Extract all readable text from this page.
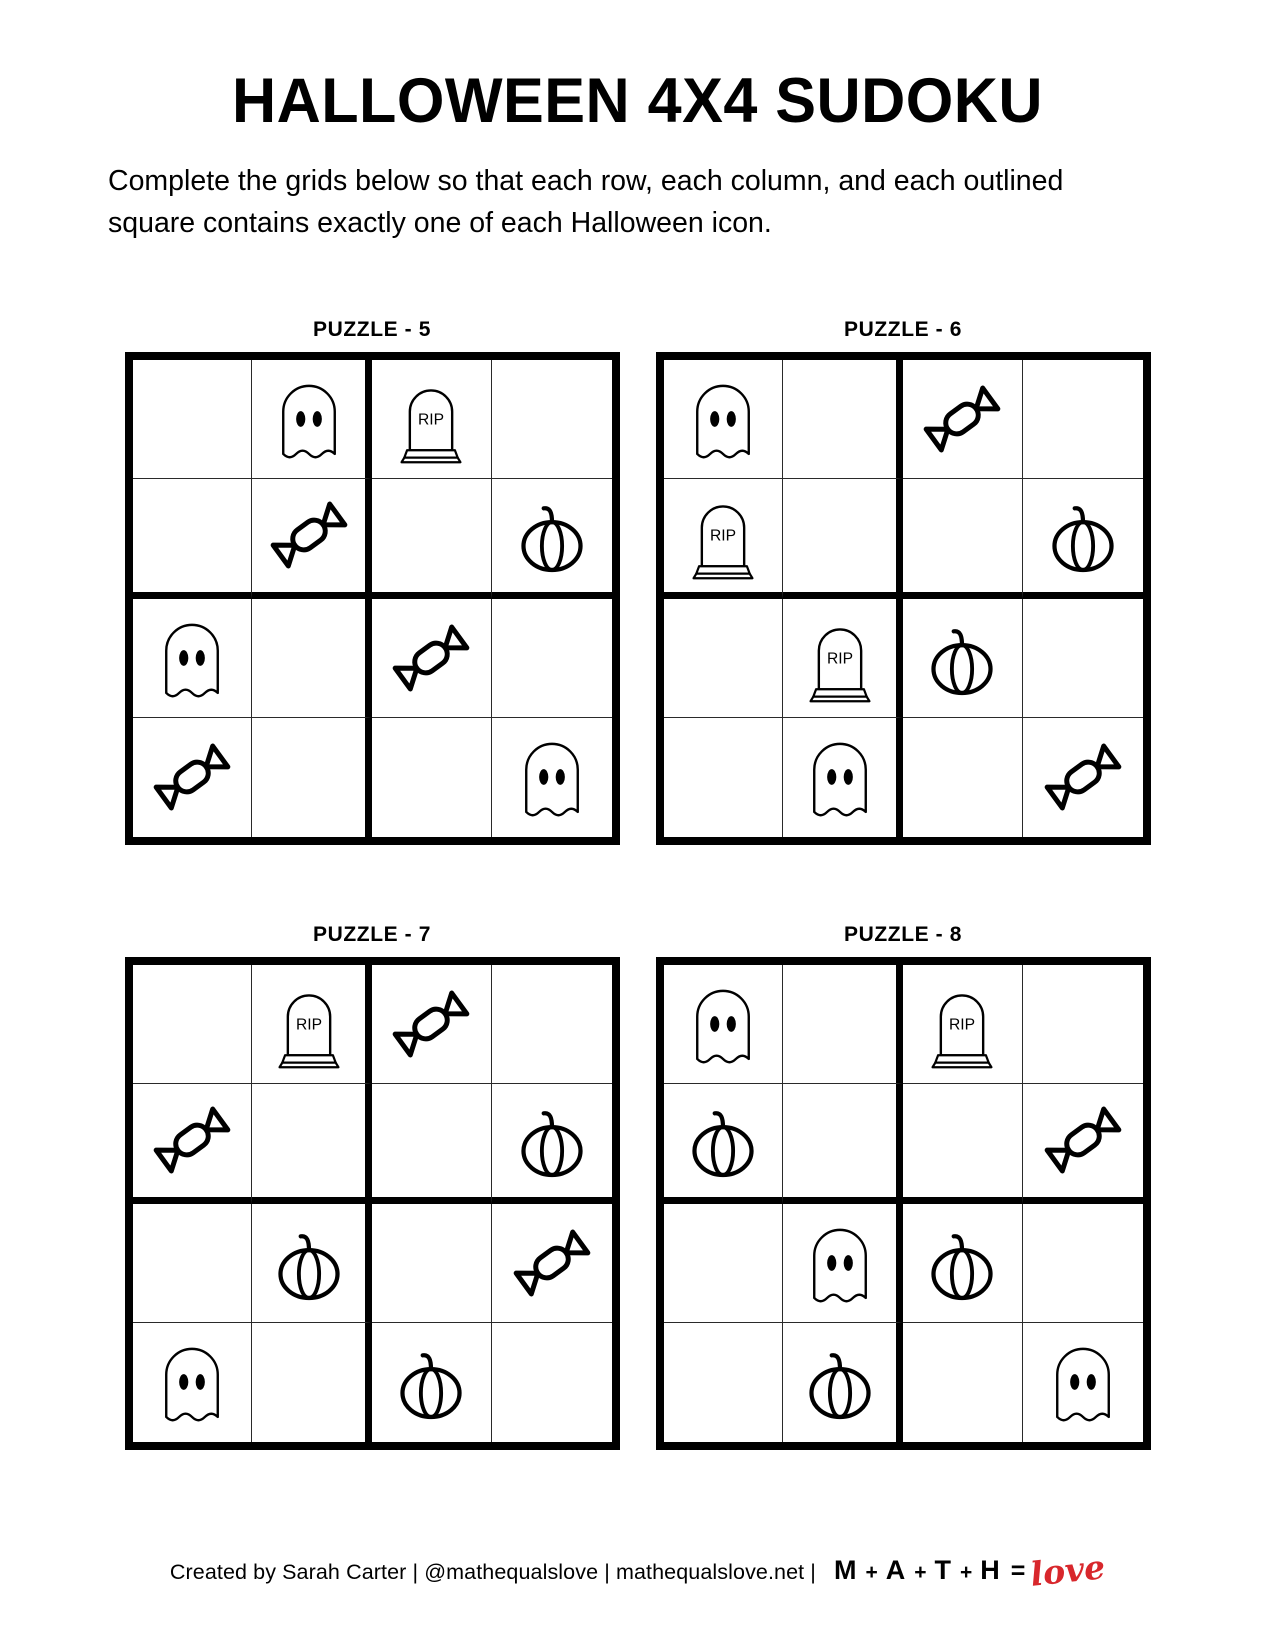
HALLOWEEN 4X4 SUDOKU

Complete the grids below so that each row, each column, and each outlined square contains exactly one of each Halloween icon.

PUZZLE - 5
RIP
PUZZLE - 6
RIP
RIP
PUZZLE - 7
RIP
PUZZLE - 8
RIP
Created by Sarah Carter | @mathequalslove | mathequalslove.net | M + A + T + H = love
